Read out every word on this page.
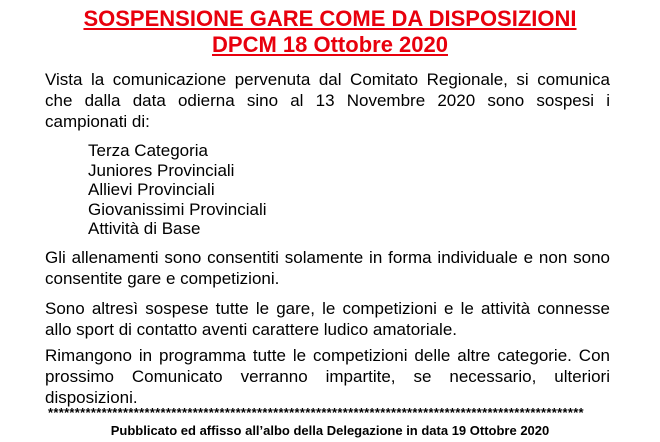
SOSPENSIONE GARE COME DA DISPOSIZIONI
DPCM 18 Ottobre 2020
Vista la comunicazione pervenuta dal Comitato Regionale, si comunica che dalla data odierna sino al 13 Novembre 2020 sono sospesi i campionati di:
Terza Categoria
Juniores Provinciali
Allievi Provinciali
Giovanissimi Provinciali
Attività di Base
Gli allenamenti sono consentiti solamente in forma individuale e non sono consentite gare e competizioni.
Sono altresì sospese tutte le gare, le competizioni e le attività connesse allo sport di contatto aventi carattere ludico amatoriale.
Rimangono in programma tutte le competizioni delle altre categorie. Con prossimo Comunicato verranno impartite, se necessario, ulteriori disposizioni.
****************************************************************************************************
Pubblicato ed affisso all’albo della Delegazione in data 19 Ottobre 2020
